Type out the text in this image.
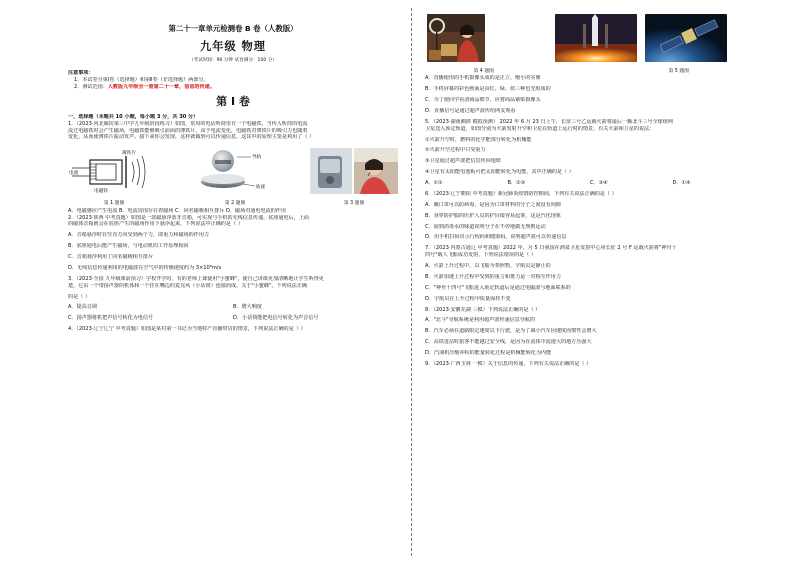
第二十一章单元检测卷 B 卷（人教版）
九年级 物理
（考试时间：90 分钟 试卷满分：100 分）

注意事项：

1．本试卷分第Ⅰ卷（选择题）和第Ⅱ卷（非选择题）两部分。

2．测试范围：人教版九年级全一册第二十一章，信息的传递。

第 Ⅰ 卷

一、选择题（本题共 10 小题，每小题 3 分，共 30 分）

1．（2023·河北廊坊第三中学九年级阶段练习）如图，常用的电话听筒里有一个电磁铁，当传入听筒的电流

流过电磁铁时会产生磁场，电磁铁能够吸引前面的薄铁片，由于电流变化，电磁铁对薄铁片的吸引力也随着

变化，从而使薄铁片振动发声。接下来你会发现，这样就做到可以传递信息，这其中的原理主要是利用了（ ）

薄铁片
电流
电磁铁
导轨
底座
第 1 题图	第 2 题图	第 3 题图

A．电磁感应产生电流 B．电流周围存在着磁场 C．同名磁极相互排斥 D．磁场对通电电流的作用

2．（2023·陕西 中考真题）如图是一款磁悬浮蓝牙音箱，可实现与手机的无线信息传递，底座通电后，上面

的磁体音箱就会在底座产生的磁场作用下悬浮起来，下列说法中正确的是（ ）

A．音箱悬浮时在竖直方向受到两个力，即重力和磁场的作用力

B．底座通电后能产生磁场，与电动机的工作原理相同

C．音箱悬浮利用了同名磁极相互排斥

D．无线信息传递利用的电磁波在空气中的传播速度约为 3×10⁸m/s

3．（2023·全国 九年级课前预习）学校开学时，有的老师上课使用"小蜜蜂"，使自己讲课更加清晰地让学生听得更

楚，它由一个带扬声器的机体和一个挂在嘴边的麦克风（小话筒）连接而成，关于"小蜜蜂"，下列说法正确

的是（ ）

A．提高音调	B．增大响度
C．扬声器将机把声信号转化为电信号	D．小话筒能把电信号转化为声音信号

4．（2023·辽宁辽宁 中考真题）如图是某村第一书记为当地特产直播带货的情景，下列说法正确的是（ ）

第 4 题图	第 5 题图

A．直播使用的手机摄像头成的是正立、缩小的实像

B．手机屏幕的彩色画面是由红、绿、蓝三种色光组成的

C．为了使同学看清商品细节，应将商品紧贴摄像头

D．直播信号是通过超声波传给网友观看

5．（2023·湖南湘潭 模拟预测） 2022 年 6 月 23 日上午，长征三号乙运载火箭将最后一颗北斗三号全球组网

卫星送入预定轨道，如图分别为火箭发射升空和卫星在轨道上运行时的情景，有关火箭和卫星的说法：

①火箭升空时，燃料的化学能部分转化为机械能

②火箭升空过程中只受重力

③卫星通过超声波把信息传回地球

④卫星有太阳能电池板可把太阳能转化为电能，其中正确的是（ ）

A．①②	B．②③	C．③④	D．①④

6．（2023·辽宁朝阳 中考真题）新冠肺炎疫情防控期间，下列有关说法正确的是（ ）

A．戴口罩可以防病毒，是因为口罩材料的分子之间没有间隙

B．身穿防护服的医护人员的护目镜容易起雾，这是汽化现象

C．闻到消毒水的味道说明分子在不停地做无规则运动

D．用手机扫码出示行程码和健康码，说明超声波可以传递信息

7．（2023·内蒙古通辽 中考真题）2022 年，月 5 日我国在酒泉卫星发射中心用长征 2 号 F 运载火箭将"神舟十

四号"载人飞船成功发射，下列说法错误的是（ ）

A．火箭上升过程中，以飞船为参照物，字航员是静止的

B．火箭加速上升过程中受到的重力和推力是一对相互作用力

C．"神舟十四号"飞船进入预定轨道后是通过电磁波与地面联系的

D．宇航员在上升过程中质量保持不变

8．（2023·安徽芜湖 三模）下列说法正确的是（ ）

A．"北斗"导航系统是利用超声波传递信息导航的

B．汽车必须在道路限定速度以下行驶，是为了减小汽车因速度而惯性会增大

C．高铁进站时旅客不能越过安全线，是因为在流体中流速大的地方压强大

D．汽油机压缩冲程的能量转化过程是机械能转化为内能

9．（2023·广西玉林 一模）关于信息的传递，下列有关说法正确的是（ ）
